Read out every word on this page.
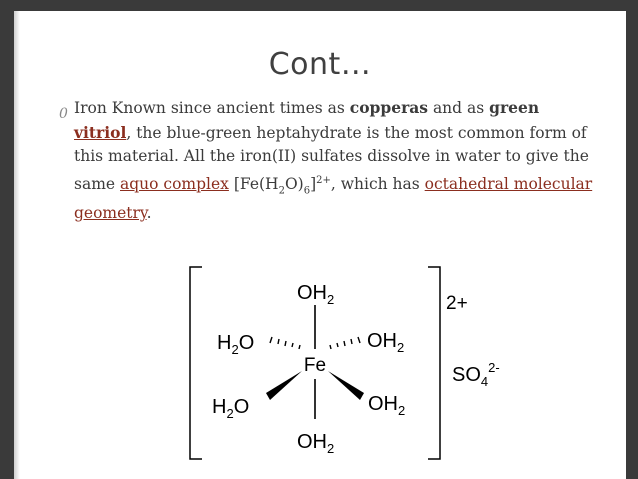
Cont…
0 Iron Known since ancient times as copperas and as green vitriol, the blue-green heptahydrate is the most common form of this material. All the iron(II) sulfates dissolve in water to give the same aquo complex $[Fe(H_2O)_6]^{2+}$, which has octahedral molecular geometry.
Fe
$OH_2$
$OH_2$
$H_2O$	$OH_2$
$H_2O$	$OH_2$
2+
$SO_4^{2-}$
